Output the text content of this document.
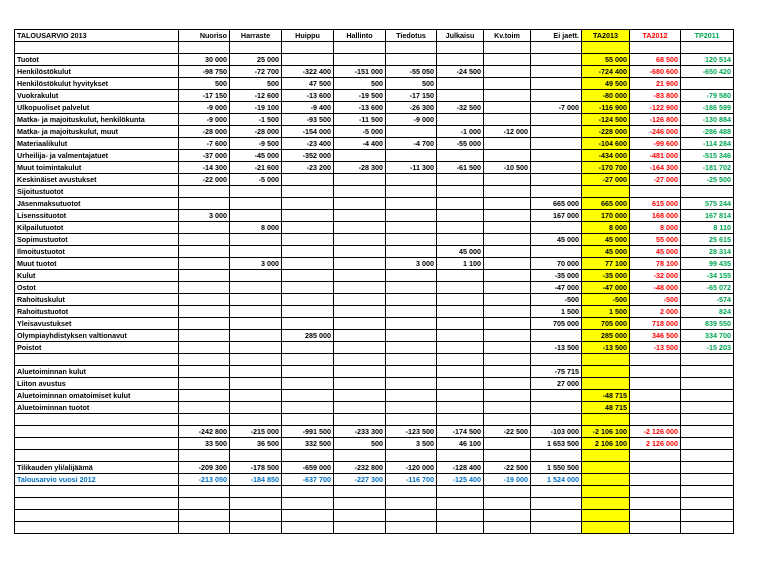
TALOUSARVIO 2013	Nuoriso	Harraste	Huippu	Hallinto	Tiedotus	Julkaisu	Kv.toim	Ei jaett.	TA2013	TA2012	TP2011

Tuotot	30 000	25 000							55 000	68 500	120 514
Henkilöstökulut	-98 750	-72 700	-322 400	-151 000	-55 050	-24 500			-724 400	-680 600	-650 420
Henkilöstökulut hyvitykset	500	500	47 500	500	500				49 500	21 900	
Vuokrakulut	-17 150	-12 600	-13 600	-19 500	-17 150				-80 000	-83 800	-79 580
Ulkopuoliset palvelut	-9 000	-19 100	-9 400	-13 600	-26 300	-32 500		-7 000	-116 900	-122 900	-186 599
Matka- ja majoituskulut, henkilökunta	-9 000	-1 500	-93 500	-11 500	-9 000				-124 500	-126 800	-130 884
Matka- ja majoituskulut, muut	-28 000	-28 000	-154 000	-5 000		-1 000	-12 000		-228 000	-246 000	-286 488
Materiaalikulut	-7 600	-9 500	-23 400	-4 400	-4 700	-55 000			-104 600	-99 600	-114 284
Urheilija- ja valmentajatuet	-37 000	-45 000	-352 000						-434 000	-481 000	-515 346
Muut toimintakulut	-14 300	-21 600	-23 200	-28 300	-11 300	-61 500	-10 500		-170 700	-164 300	-181 702
Keskinäiset avustukset	-22 000	-5 000							-27 000	-27 000	-25 500
Sijoitustuotot											
Jäsenmaksutuotot								665 000	665 000	615 000	575 244
Lisenssituotot	3 000							167 000	170 000	168 000	167 814
Kilpailutuotot		8 000							8 000	8 000	8 110
Sopimustuotot								45 000	45 000	55 000	25 615
Ilmoitustuotot						45 000			45 000	45 000	28 314
Muut tuotot		3 000			3 000	1 100		70 000	77 100	78 100	99 435
Kulut								-35 000	-35 000	-32 000	-34 155
Ostot								-47 000	-47 000	-48 000	-65 072
Rahoituskulut								-500	-500	-500	-574
Rahoitustuotot								1 500	1 500	2 000	824
Yleisavustukset								705 000	705 000	718 000	839 550
Olympiayhdistyksen valtionavut			285 000						285 000	346 500	334 700
Poistot								-13 500	-13 500	-13 500	-15 203

Aluetoiminnan kulut								-75 715			
Liiton avustus								27 000			
Aluetoiminnan omatoimiset kulut									-48 715		
Aluetoiminnan tuotot									48 715		

	-242 800	-215 000	-991 500	-233 300	-123 500	-174 500	-22 500	-103 000	-2 106 100	-2 126 000	
	33 500	36 500	332 500	500	3 500	46 100		1 653 500	2 106 100	2 126 000	

Tilikauden yli/alijäämä	-209 300	-178 500	-659 000	-232 800	-120 000	-128 400	-22 500	1 550 500			
Talousarvio vuosi 2012	-213 050	-184 850	-637 700	-227 300	-116 700	-125 400	-19 000	1 524 000			
